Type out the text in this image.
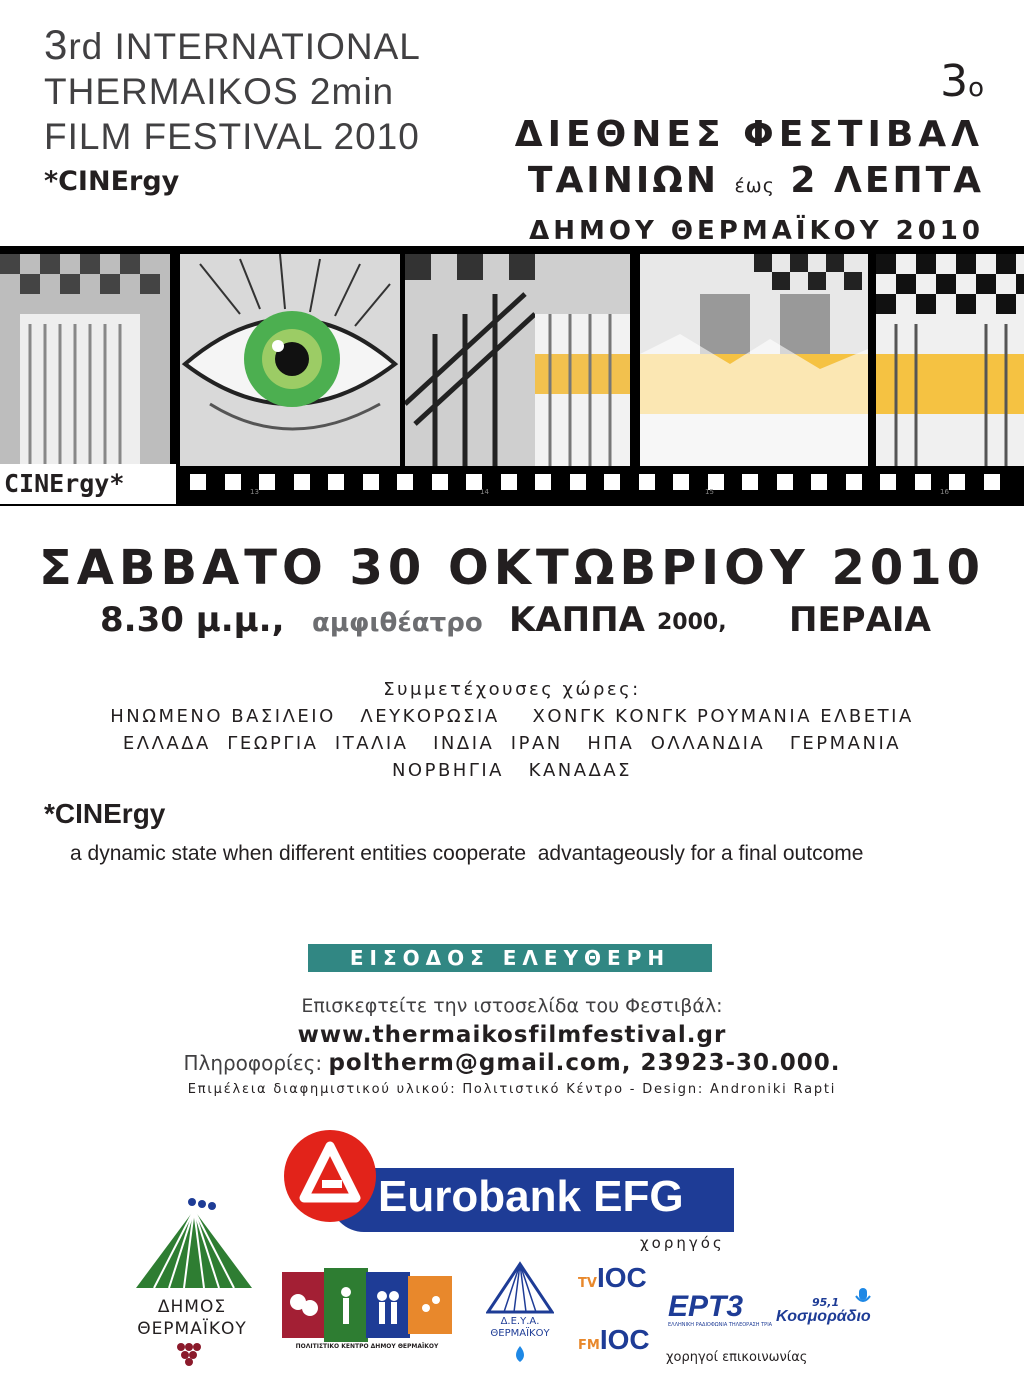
3rd INTERNATIONAL
THERMAIKOS 2min
FILM FESTIVAL 2010
*CINErgy
3ο
ΔΙΕΘΝΕΣ ΦΕΣΤΙΒΑΛ
ΤΑΙΝΙΩΝ έως 2 ΛΕΠΤΑ
ΔΗΜΟΥ ΘΕΡΜΑΪΚΟΥ 2010
CINErgy*	13	14	15	16
ΣΑΒΒΑΤΟ 30 ΟΚΤΩΒΡΙΟΥ 2010
8.30 μ.μ., αμφιθέατρο ΚΑΠΠΑ 2000, ΠΕΡΑΙΑ
Συμμετέχουσες χώρες:
ΗΝΩΜΕΝΟ ΒΑΣΙΛΕΙΟ   ΛΕΥΚΟΡΩΣΙΑ    ΧΟΝΓΚ ΚΟΝΓΚ ΡΟΥΜΑΝΙΑ ΕΛΒΕΤΙΑ
ΕΛΛΑΔΑ  ΓΕΩΡΓΙΑ  ΙΤΑΛΙΑ   ΙΝΔΙΑ  ΙΡΑΝ   ΗΠΑ  ΟΛΛΑΝΔΙΑ   ΓΕΡΜΑΝΙΑ
ΝΟΡΒΗΓΙΑ   ΚΑΝΑΔΑΣ
*CINErgy
a dynamic state when different entities cooperate  advantageously for a final outcome
ΕΙΣΟΔΟΣ ΕΛΕΥΘΕΡΗ
Επισκεφτείτε την ιστοσελίδα του Φεστιβάλ:
www.thermaikosfilmfestival.gr
Πληροφορίες: poltherm@gmail.com, 23923-30.000.
Επιμέλεια διαφημιστικού υλικού: Πολιτιστικό Κέντρο - Design: Androniki Rapti
Eurobank EFG
χορηγός
ΔΗΜΟΣ
ΘΕΡΜΑΪΚΟΥ
ΠΟΛΙΤΙΣΤΙΚΟ ΚΕΝΤΡΟ ΔΗΜΟΥ ΘΕΡΜΑΪΚΟΥ
Δ.Ε.Υ.Α.
ΘΕΡΜΑΪΚΟΥ
TVΙΟC
FMΙΟC
ΕΡΤ3
ΕΛΛΗΝΙΚΗ ΡΑΔΙΟΦΩΝΙΑ ΤΗΛΕΟΡΑΣΗ ΤΡΙΑ
95,1
Κοσμοράδιο
χορηγοί επικοινωνίας
